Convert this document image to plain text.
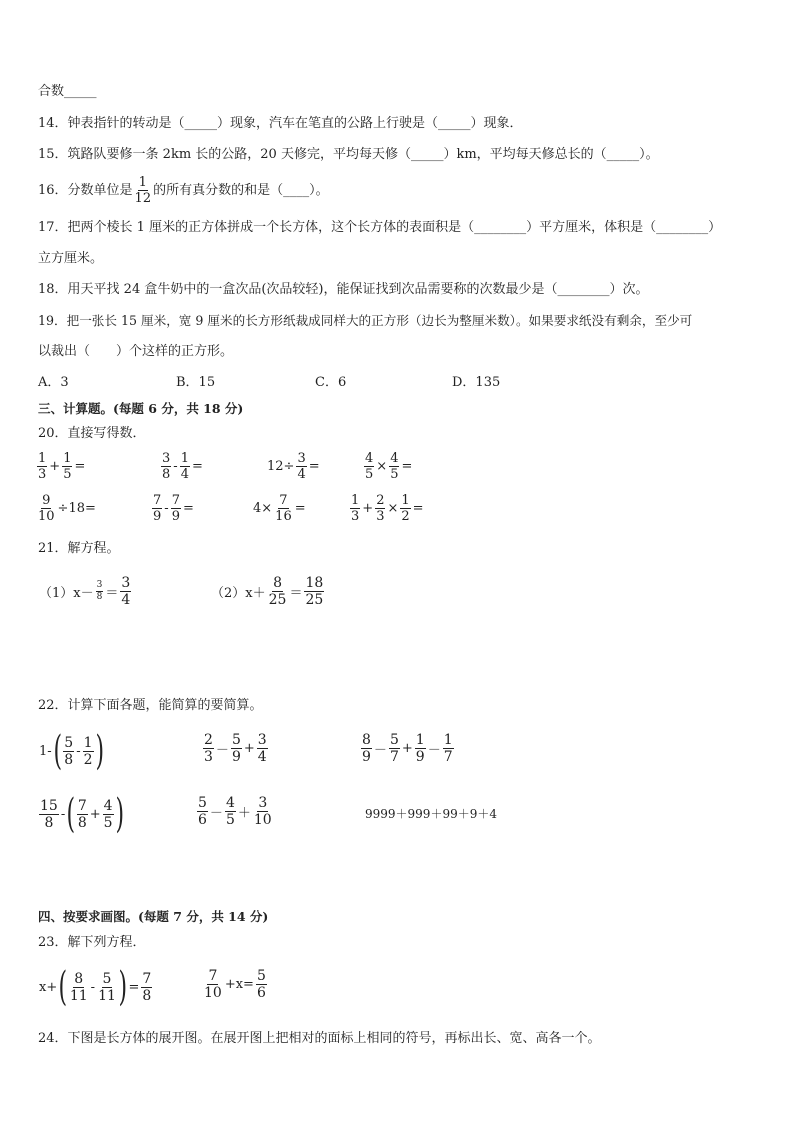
合数_____
14．钟表指针的转动是（_____）现象，汽车在笔直的公路上行驶是（_____）现象．
15．筑路队要修一条 2km 长的公路，20 天修完，平均每天修（_____）km，平均每天修总长的（_____）。
16．分数单位是 $\frac{1}{12}$ 的所有真分数的和是（____）。
17．把两个棱长 1 厘米的正方体拼成一个长方体，这个长方体的表面积是（________）平方厘米，体积是（________）
立方厘米。
18．用天平找 24 盒牛奶中的一盒次品(次品较轻)，能保证找到次品需要称的次数最少是（________）次。
19．把一张长 15 厘米，宽 9 厘米的长方形纸裁成同样大的正方形（边长为整厘米数）。如果要求纸没有剩余，至少可
以裁出（　　）个这样的正方形。
A．3	B．15	C．6	D．135
三、计算题。(每题 6 分，共 18 分)
20．直接写得数．
$\frac{1}{3} + \frac{1}{5}$ =	$\frac{3}{8} - \frac{1}{4}$ =	$12\div \frac{3}{4}$ =	$\frac{4}{5} \times \frac{4}{5}$ =
$\frac{9}{10} \div 18=$	$\frac{7}{9} - \frac{7}{9}$ =	$4\times \frac{7}{16}$ =	$\frac{1}{3} + \frac{2}{3} \times \frac{1}{2}$ =
21．解方程。
$(1)x- \frac{3}{8} = \frac{3}{4}$	$(2)x+ \frac{8}{25} = \frac{18}{25}$
22．计算下面各题，能简算的要简算。
1- ( $\frac{5}{8} - \frac{1}{2}$ )	$\frac{2}{3} - \frac{5}{9} + \frac{3}{4}$	$\frac{8}{9} - \frac{5}{7} + \frac{1}{9} - \frac{1}{7}$
$\frac{15}{8}$ - ( $\frac{7}{8} + \frac{4}{5}$ )	$\frac{5}{6} - \frac{4}{5} + \frac{3}{10}$	9999＋999＋99＋9＋4
四、按要求画图。(每题 7 分，共 14 分)
23．解下列方程．
x+ ( $\frac{8}{11} - \frac{5}{11}$ ) = $\frac{7}{8}$	$\frac{7}{10} +x= \frac{5}{6}$
24．下图是长方体的展开图。在展开图上把相对的面标上相同的符号，再标出长、宽、高各一个。
